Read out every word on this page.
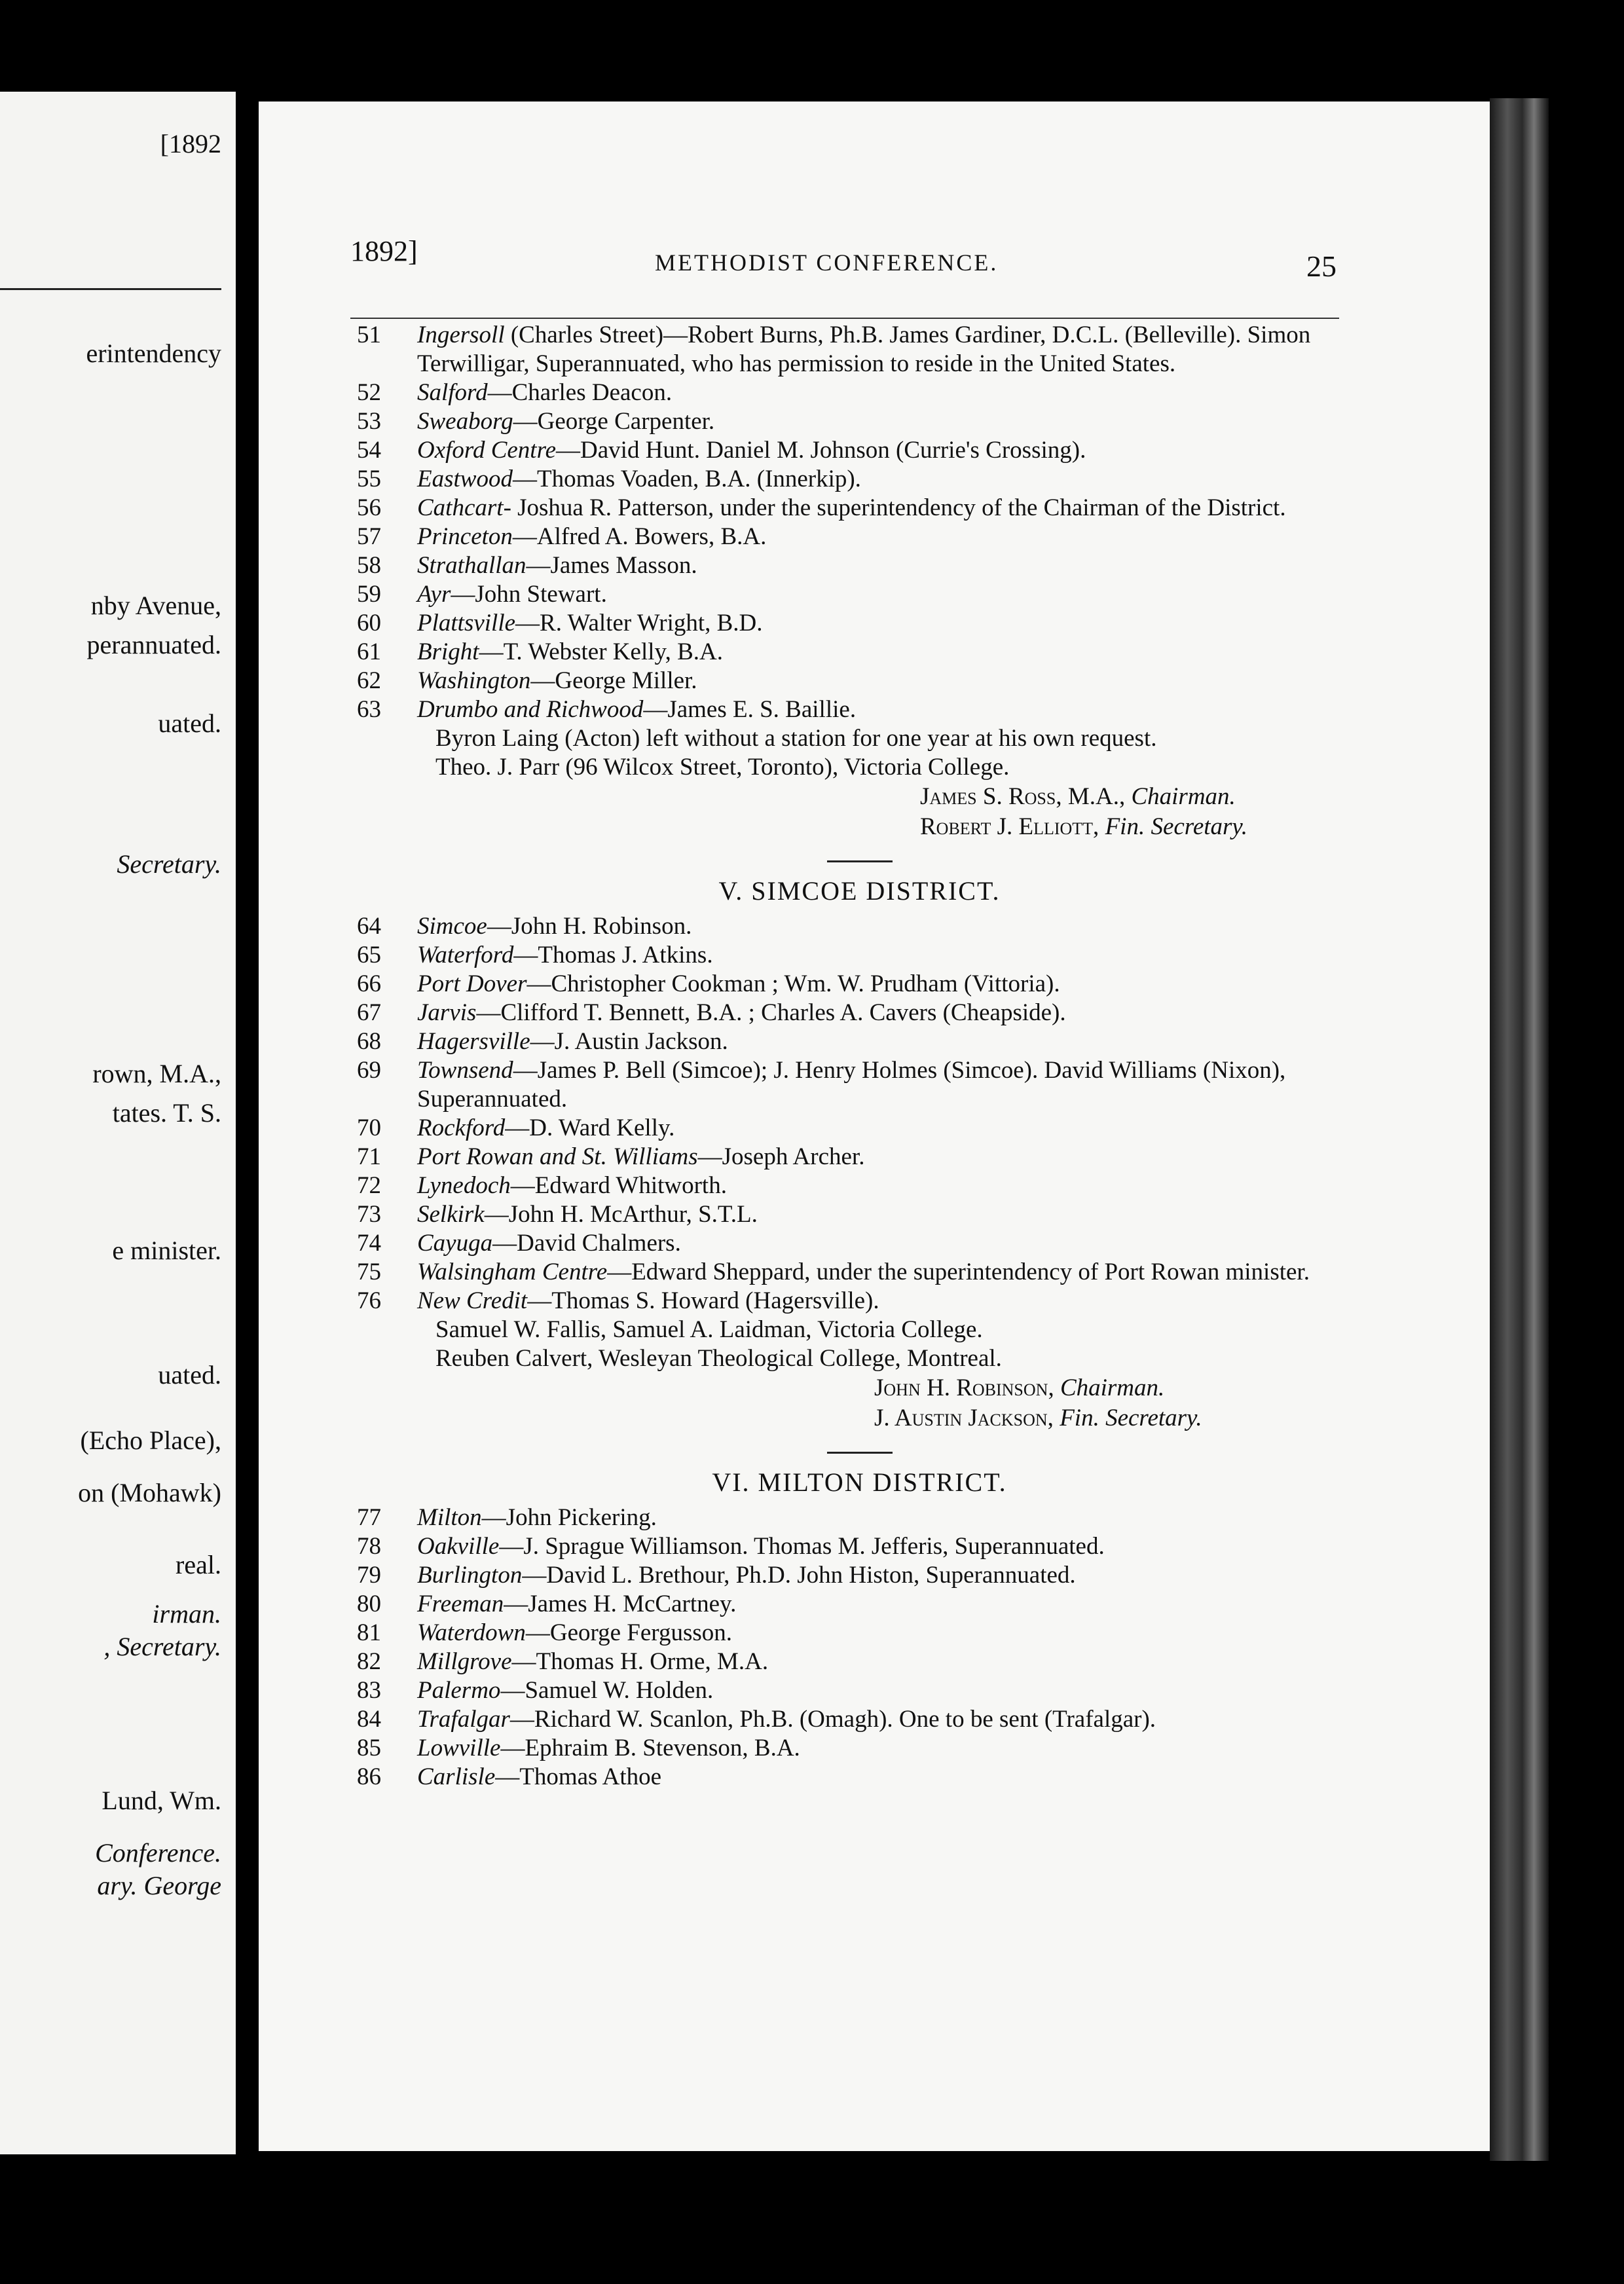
[1892
erintendency
nby Avenue,
perannuated.
uated.
Secretary.
rown, M.A.,
tates. T. S.
e minister.
uated.
(Echo Place),
on (Mohawk)
real.
irman.
, Secretary.
Lund, Wm.
Conference.
ary. George
1892]	METHODIST CONFERENCE.	25
51	Ingersoll (Charles Street)—Robert Burns, Ph.B. James Gardiner, D.C.L. (Belleville). Simon Terwilligar, Superannuated, who has permission to reside in the United States.
52	Salford—Charles Deacon.
53	Sweaborg—George Carpenter.
54	Oxford Centre—David Hunt. Daniel M. Johnson (Currie's Crossing).
55	Eastwood—Thomas Voaden, B.A. (Innerkip).
56	Cathcart- Joshua R. Patterson, under the superintendency of the Chairman of the District.
57	Princeton—Alfred A. Bowers, B.A.
58	Strathallan—James Masson.
59	Ayr—John Stewart.
60	Plattsville—R. Walter Wright, B.D.
61	Bright—T. Webster Kelly, B.A.
62	Washington—George Miller.
63	Drumbo and Richwood—James E. S. Baillie.
Byron Laing (Acton) left without a station for one year at his own request.
Theo. J. Parr (96 Wilcox Street, Toronto), Victoria College.
James S. Ross, M.A., Chairman.
Robert J. Elliott, Fin. Secretary.
V. SIMCOE DISTRICT.
64	Simcoe—John H. Robinson.
65	Waterford—Thomas J. Atkins.
66	Port Dover—Christopher Cookman ; Wm. W. Prudham (Vittoria).
67	Jarvis—Clifford T. Bennett, B.A. ; Charles A. Cavers (Cheapside).
68	Hagersville—J. Austin Jackson.
69	Townsend—James P. Bell (Simcoe); J. Henry Holmes (Simcoe). David Williams (Nixon), Superannuated.
70	Rockford—D. Ward Kelly.
71	Port Rowan and St. Williams—Joseph Archer.
72	Lynedoch—Edward Whitworth.
73	Selkirk—John H. McArthur, S.T.L.
74	Cayuga—David Chalmers.
75	Walsingham Centre—Edward Sheppard, under the superintendency of Port Rowan minister.
76	New Credit—Thomas S. Howard (Hagersville).
Samuel W. Fallis, Samuel A. Laidman, Victoria College.
Reuben Calvert, Wesleyan Theological College, Montreal.
John H. Robinson, Chairman.
J. Austin Jackson, Fin. Secretary.
VI. MILTON DISTRICT.
77	Milton—John Pickering.
78	Oakville—J. Sprague Williamson. Thomas M. Jefferis, Superannuated.
79	Burlington—David L. Brethour, Ph.D. John Histon, Superannuated.
80	Freeman—James H. McCartney.
81	Waterdown—George Fergusson.
82	Millgrove—Thomas H. Orme, M.A.
83	Palermo—Samuel W. Holden.
84	Trafalgar—Richard W. Scanlon, Ph.B. (Omagh). One to be sent (Trafalgar).
85	Lowville—Ephraim B. Stevenson, B.A.
86	Carlisle—Thomas Athoe
